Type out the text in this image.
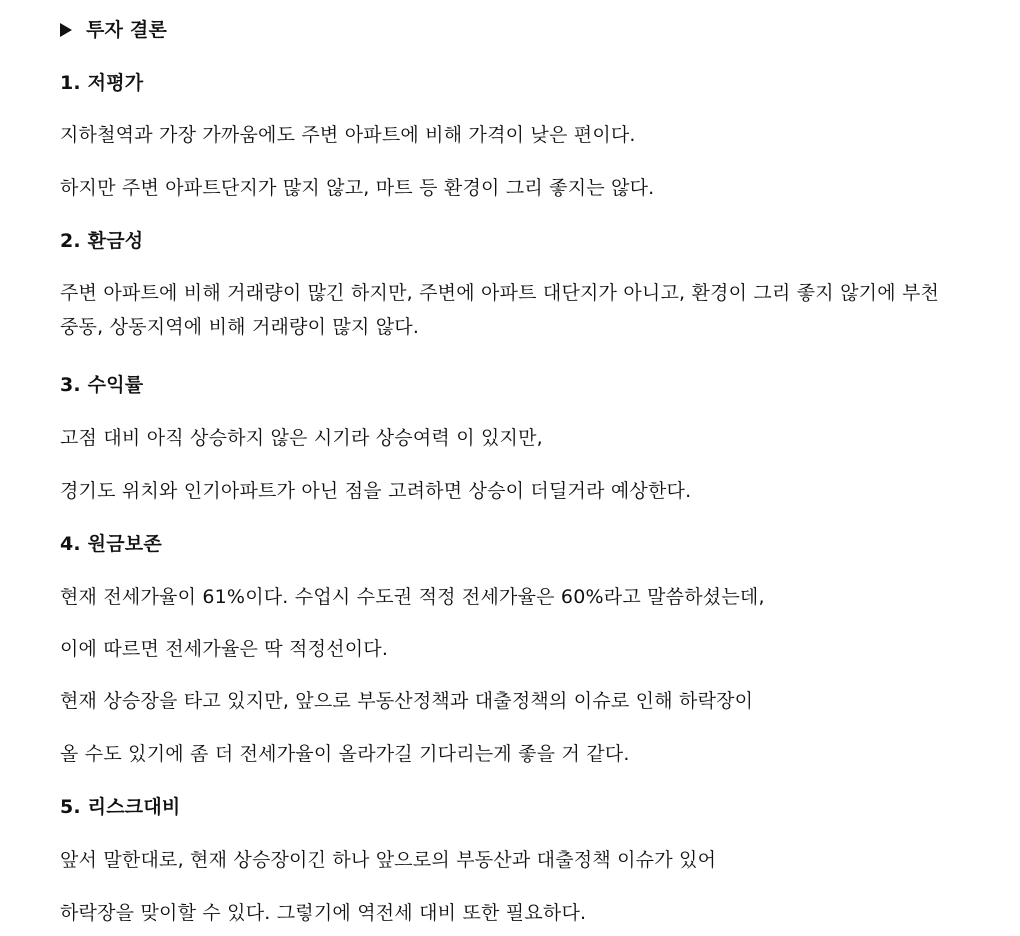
투자 결론
1. 저평가
지하철역과 가장 가까움에도 주변 아파트에 비해 가격이 낮은 편이다.
하지만 주변 아파트단지가 많지 않고, 마트 등 환경이 그리 좋지는 않다.
2. 환금성
주변 아파트에 비해 거래량이 많긴 하지만, 주변에 아파트 대단지가 아니고, 환경이 그리 좋지 않기에 부천 중동, 상동지역에 비해 거래량이 많지 않다.
3. 수익률
고점 대비 아직 상승하지 않은 시기라 상승여력 이 있지만,
경기도 위치와 인기아파트가 아닌 점을 고려하면 상승이 더딜거라 예상한다.
4. 원금보존
현재 전세가율이 61%이다. 수업시 수도권 적정 전세가율은 60%라고 말씀하셨는데,
이에 따르면 전세가율은 딱 적정선이다.
현재 상승장을 타고 있지만, 앞으로 부동산정책과 대출정책의 이슈로 인해 하락장이
올 수도 있기에 좀 더 전세가율이 올라가길 기다리는게 좋을 거 같다.
5. 리스크대비
앞서 말한대로, 현재 상승장이긴 하나 앞으로의 부동산과 대출정책 이슈가 있어
하락장을 맞이할 수 있다. 그렇기에 역전세 대비 또한 필요하다.
